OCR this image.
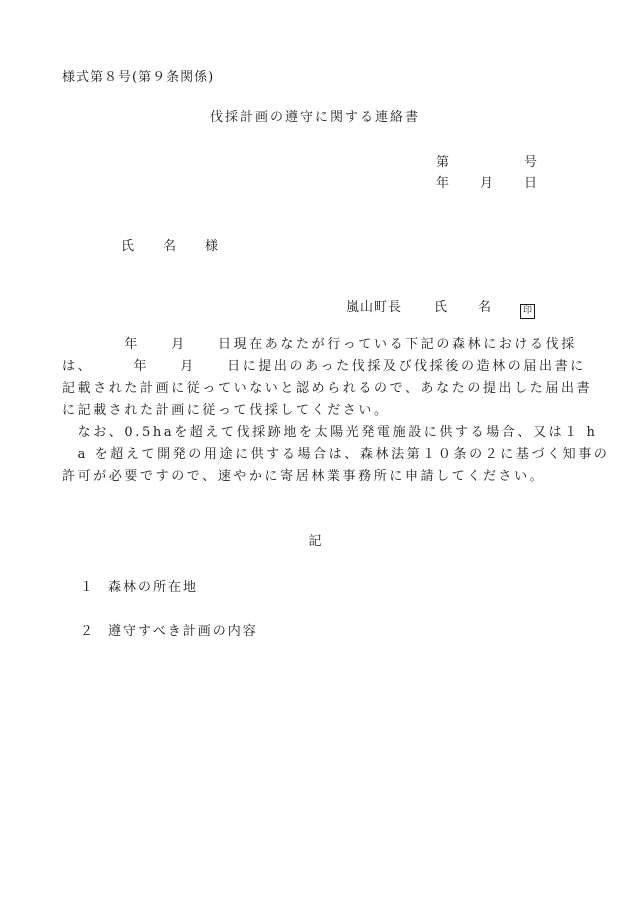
様式第８号(第９条関係)
伐採計画の遵守に関する連絡書
第	号
年 月 日
氏 名 様
嵐山町長 氏 名	印
　　　　年　　月　　日現在あなたが行っている下記の森林における伐採
は、　　　年　　月　　日に提出のあった伐採及び伐採後の造林の届出書に
記載された計画に従っていないと認められるので、あなたの提出した届出書
に記載された計画に従って伐採してください。
　なお、0.5haを超えて伐採跡地を太陽光発電施設に供する場合、又は１ h
　a を超えて開発の用途に供する場合は、森林法第１０条の２に基づく知事の
許可が必要ですので、速やかに寄居林業事務所に申請してください。
記
１ 森林の所在地
２ 遵守すべき計画の内容
